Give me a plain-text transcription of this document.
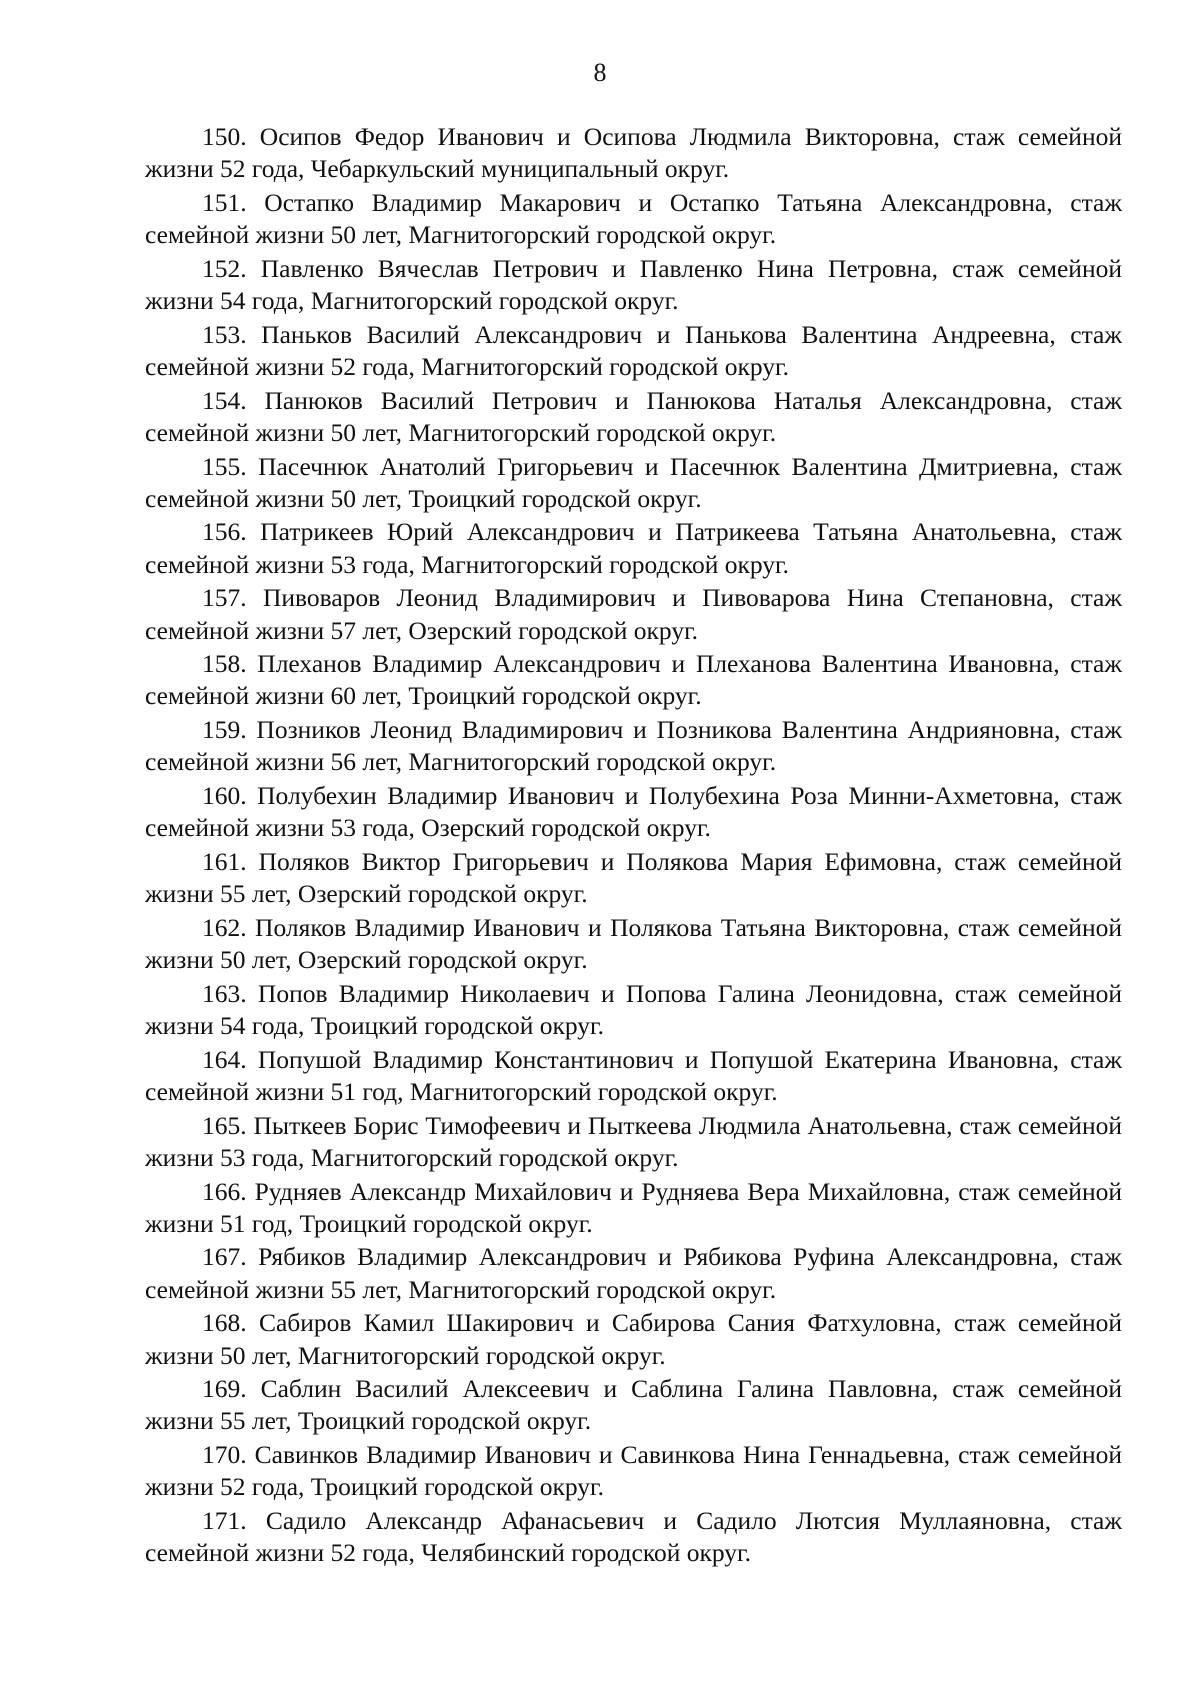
8
150. Осипов Федор Иванович и Осипова Людмила Викторовна, стаж семейной жизни 52 года, Чебаркульский муниципальный округ.
151. Остапко Владимир Макарович и Остапко Татьяна Александровна, стаж семейной жизни 50 лет, Магнитогорский городской округ.
152. Павленко Вячеслав Петрович и Павленко Нина Петровна, стаж семейной жизни 54 года, Магнитогорский городской округ.
153. Паньков Василий Александрович и Панькова Валентина Андреевна, стаж семейной жизни 52 года, Магнитогорский городской округ.
154. Панюков Василий Петрович и Панюкова Наталья Александровна, стаж семейной жизни 50 лет, Магнитогорский городской округ.
155. Пасечнюк Анатолий Григорьевич и Пасечнюк Валентина Дмитриевна, стаж семейной жизни 50 лет, Троицкий городской округ.
156. Патрикеев Юрий Александрович и Патрикеева Татьяна Анатольевна, стаж семейной жизни 53 года, Магнитогорский городской округ.
157. Пивоваров Леонид Владимирович и Пивоварова Нина Степановна, стаж семейной жизни 57 лет, Озерский городской округ.
158. Плеханов Владимир Александрович и Плеханова Валентина Ивановна, стаж семейной жизни 60 лет, Троицкий городской округ.
159. Позников Леонид Владимирович и Позникова Валентина Андрияновна, стаж семейной жизни 56 лет, Магнитогорский городской округ.
160. Полубехин Владимир Иванович и Полубехина Роза Минни-Ахметовна, стаж семейной жизни 53 года, Озерский городской округ.
161. Поляков Виктор Григорьевич и Полякова Мария Ефимовна, стаж семейной жизни 55 лет, Озерский городской округ.
162. Поляков Владимир Иванович и Полякова Татьяна Викторовна, стаж семейной жизни 50 лет, Озерский городской округ.
163. Попов Владимир Николаевич и Попова Галина Леонидовна, стаж семейной жизни 54 года, Троицкий городской округ.
164. Попушой Владимир Константинович и Попушой Екатерина Ивановна, стаж семейной жизни 51 год, Магнитогорский городской округ.
165. Пыткеев Борис Тимофеевич и Пыткеева Людмила Анатольевна, стаж семейной жизни 53 года, Магнитогорский городской округ.
166. Рудняев Александр Михайлович и Рудняева Вера Михайловна, стаж семейной жизни 51 год, Троицкий городской округ.
167. Рябиков Владимир Александрович и Рябикова Руфина Александровна, стаж семейной жизни 55 лет, Магнитогорский городской округ.
168. Сабиров Камил Шакирович и Сабирова Сания Фатхуловна, стаж семейной жизни 50 лет, Магнитогорский городской округ.
169. Саблин Василий Алексеевич и Саблина Галина Павловна, стаж семейной жизни 55 лет, Троицкий городской округ.
170. Савинков Владимир Иванович и Савинкова Нина Геннадьевна, стаж семейной жизни 52 года, Троицкий городской округ.
171. Садило Александр Афанасьевич и Садило Лютсия Муллаяновна, стаж семейной жизни 52 года, Челябинский городской округ.
